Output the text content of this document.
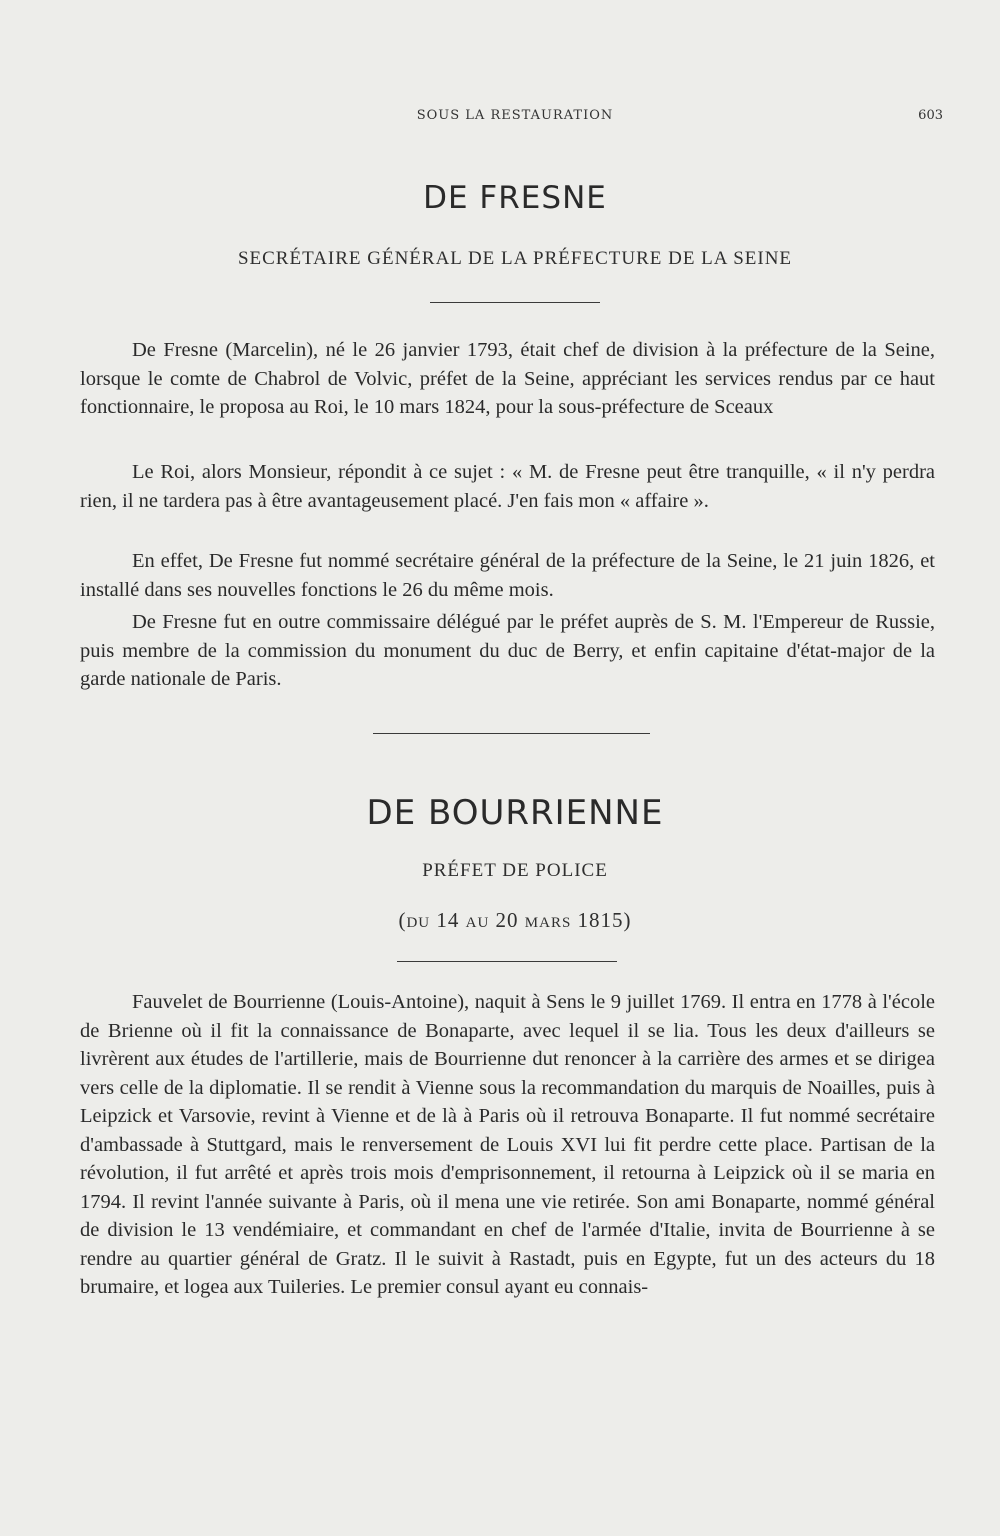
SOUS LA RESTAURATION	603
DE FRESNE
SECRÉTAIRE GÉNÉRAL DE LA PRÉFECTURE DE LA SEINE

De Fresne (Marcelin), né le 26 janvier 1793, était chef de division à la préfecture de la Seine, lorsque le comte de Chabrol de Volvic, préfet de la Seine, appréciant les services rendus par ce haut fonctionnaire, le proposa au Roi, le 10 mars 1824, pour la sous-préfecture de Sceaux

Le Roi, alors Monsieur, répondit à ce sujet : « M. de Fresne peut être tranquille, « il n'y perdra rien, il ne tardera pas à être avantageusement placé. J'en fais mon « affaire ».

En effet, De Fresne fut nommé secrétaire général de la préfecture de la Seine, le 21 juin 1826, et installé dans ses nouvelles fonctions le 26 du même mois.

De Fresne fut en outre commissaire délégué par le préfet auprès de S. M. l'Empereur de Russie, puis membre de la commission du monument du duc de Berry, et enfin capitaine d'état-major de la garde nationale de Paris.

DE BOURRIENNE
PRÉFET DE POLICE
(du 14 au 20 mars 1815)

Fauvelet de Bourrienne (Louis-Antoine), naquit à Sens le 9 juillet 1769. Il entra en 1778 à l'école de Brienne où il fit la connaissance de Bonaparte, avec lequel il se lia. Tous les deux d'ailleurs se livrèrent aux études de l'artillerie, mais de Bourrienne dut renoncer à la carrière des armes et se dirigea vers celle de la diplomatie. Il se rendit à Vienne sous la recommandation du marquis de Noailles, puis à Leipzick et Varsovie, revint à Vienne et de là à Paris où il retrouva Bonaparte. Il fut nommé secrétaire d'ambassade à Stuttgard, mais le renversement de Louis XVI lui fit perdre cette place. Partisan de la révolution, il fut arrêté et après trois mois d'emprisonnement, il retourna à Leipzick où il se maria en 1794. Il revint l'année suivante à Paris, où il mena une vie retirée. Son ami Bonaparte, nommé général de division le 13 vendémiaire, et commandant en chef de l'armée d'Italie, invita de Bourrienne à se rendre au quartier général de Gratz. Il le suivit à Rastadt, puis en Egypte, fut un des acteurs du 18 brumaire, et logea aux Tuileries. Le premier consul ayant eu connais-
